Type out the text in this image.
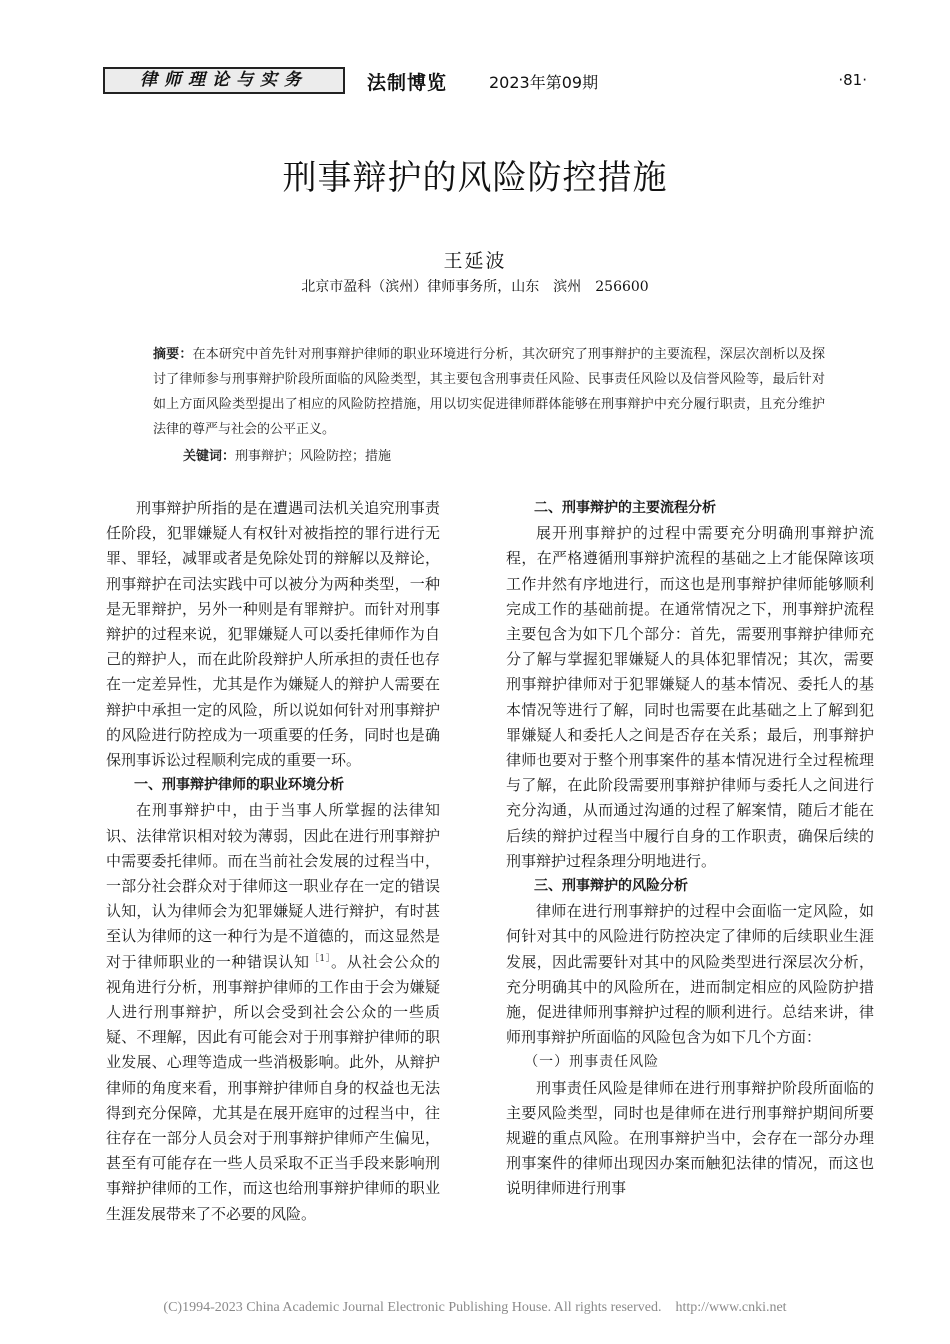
律师理论与实务	法制博览	2023年第09期	·81·
刑事辩护的风险防控措施
王延波
北京市盈科（滨州）律师事务所，山东　滨州　256600
摘要：在本研究中首先针对刑事辩护律师的职业环境进行分析，其次研究了刑事辩护的主要流程，深层次剖析以及探讨了律师参与刑事辩护阶段所面临的风险类型，其主要包含刑事责任风险、民事责任风险以及信誉风险等，最后针对如上方面风险类型提出了相应的风险防控措施，用以切实促进律师群体能够在刑事辩护中充分履行职责，且充分维护法律的尊严与社会的公平正义。
关键词：刑事辩护；风险防控；措施

刑事辩护所指的是在遭遇司法机关追究刑事责任阶段，犯罪嫌疑人有权针对被指控的罪行进行无罪、罪轻，减罪或者是免除处罚的辩解以及辩论，刑事辩护在司法实践中可以被分为两种类型，一种是无罪辩护，另外一种则是有罪辩护。而针对刑事辩护的过程来说，犯罪嫌疑人可以委托律师作为自己的辩护人，而在此阶段辩护人所承担的责任也存在一定差异性，尤其是作为嫌疑人的辩护人需要在辩护中承担一定的风险，所以说如何针对刑事辩护的风险进行防控成为一项重要的任务，同时也是确保刑事诉讼过程顺利完成的重要一环。

一、刑事辩护律师的职业环境分析

在刑事辩护中，由于当事人所掌握的法律知识、法律常识相对较为薄弱，因此在进行刑事辩护中需要委托律师。而在当前社会发展的过程当中，一部分社会群众对于律师这一职业存在一定的错误认知，认为律师会为犯罪嫌疑人进行辩护，有时甚至认为律师的这一种行为是不道德的，而这显然是对于律师职业的一种错误认知$^{[1]}$。从社会公众的视角进行分析，刑事辩护律师的工作由于会为嫌疑人进行刑事辩护，所以会受到社会公众的一些质疑、不理解，因此有可能会对于刑事辩护律师的职业发展、心理等造成一些消极影响。此外，从辩护律师的角度来看，刑事辩护律师自身的权益也无法得到充分保障，尤其是在展开庭审的过程当中，往往存在一部分人员会对于刑事辩护律师产生偏见，甚至有可能存在一些人员采取不正当手段来影响刑事辩护律师的工作，而这也给刑事辩护律师的职业生涯发展带来了不必要的风险。

二、刑事辩护的主要流程分析

展开刑事辩护的过程中需要充分明确刑事辩护流程，在严格遵循刑事辩护流程的基础之上才能保障该项工作井然有序地进行，而这也是刑事辩护律师能够顺利完成工作的基础前提。在通常情况之下，刑事辩护流程主要包含为如下几个部分：首先，需要刑事辩护律师充分了解与掌握犯罪嫌疑人的具体犯罪情况；其次，需要刑事辩护律师对于犯罪嫌疑人的基本情况、委托人的基本情况等进行了解，同时也需要在此基础之上了解到犯罪嫌疑人和委托人之间是否存在关系；最后，刑事辩护律师也要对于整个刑事案件的基本情况进行全过程梳理与了解，在此阶段需要刑事辩护律师与委托人之间进行充分沟通，从而通过沟通的过程了解案情，随后才能在后续的辩护过程当中履行自身的工作职责，确保后续的刑事辩护过程条理分明地进行。

三、刑事辩护的风险分析

律师在进行刑事辩护的过程中会面临一定风险，如何针对其中的风险进行防控决定了律师的后续职业生涯发展，因此需要针对其中的风险类型进行深层次分析，充分明确其中的风险所在，进而制定相应的风险防护措施，促进律师刑事辩护过程的顺利进行。总结来讲，律师刑事辩护所面临的风险包含为如下几个方面：

（一）刑事责任风险

刑事责任风险是律师在进行刑事辩护阶段所面临的主要风险类型，同时也是律师在进行刑事辩护期间所要规避的重点风险。在刑事辩护当中，会存在一部分办理刑事案件的律师出现因办案而触犯法律的情况，而这也说明律师进行刑事

(C)1994-2023 China Academic Journal Electronic Publishing House. All rights reserved.　http://www.cnki.net
